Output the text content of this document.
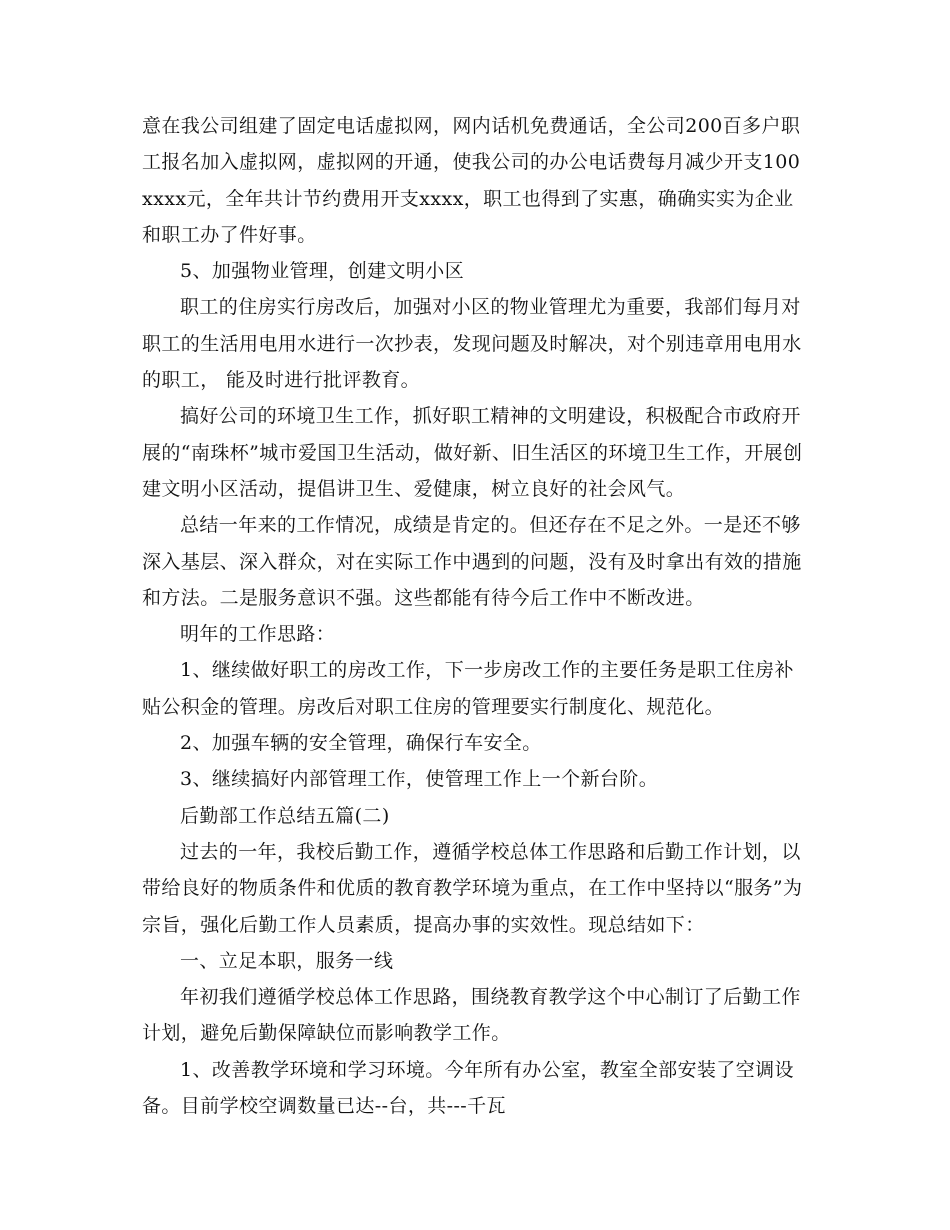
意在我公司组建了固定电话虚拟网，网内话机免费通话，全公司200百多户职工报名加入虚拟网，虚拟网的开通，使我公司的办公电话费每月减少开支100xxxx元，全年共计节约费用开支xxxx，职工也得到了实惠，确确实实为企业和职工办了件好事。

5、加强物业管理，创建文明小区

职工的住房实行房改后，加强对小区的物业管理尤为重要，我部们每月对职工的生活用电用水进行一次抄表，发现问题及时解决，对个别违章用电用水的职工， 能及时进行批评教育。

搞好公司的环境卫生工作，抓好职工精神的文明建设，积极配合市政府开展的“南珠杯”城市爱国卫生活动，做好新、旧生活区的环境卫生工作，开展创建文明小区活动，提倡讲卫生、爱健康，树立良好的社会风气。

总结一年来的工作情况，成绩是肯定的。但还存在不足之外。一是还不够深入基层、深入群众，对在实际工作中遇到的问题，没有及时拿出有效的措施和方法。二是服务意识不强。这些都能有待今后工作中不断改进。

明年的工作思路：

1、继续做好职工的房改工作，下一步房改工作的主要任务是职工住房补贴公积金的管理。房改后对职工住房的管理要实行制度化、规范化。

2、加强车辆的安全管理，确保行车安全。

3、继续搞好内部管理工作，使管理工作上一个新台阶。

后勤部工作总结五篇(二)

过去的一年，我校后勤工作，遵循学校总体工作思路和后勤工作计划，以带给良好的物质条件和优质的教育教学环境为重点，在工作中坚持以“服务”为宗旨，强化后勤工作人员素质，提高办事的实效性。现总结如下：

一、立足本职，服务一线

年初我们遵循学校总体工作思路，围绕教育教学这个中心制订了后勤工作计划，避免后勤保障缺位而影响教学工作。

1、改善教学环境和学习环境。今年所有办公室，教室全部安装了空调设备。目前学校空调数量已达--台，共---千瓦
